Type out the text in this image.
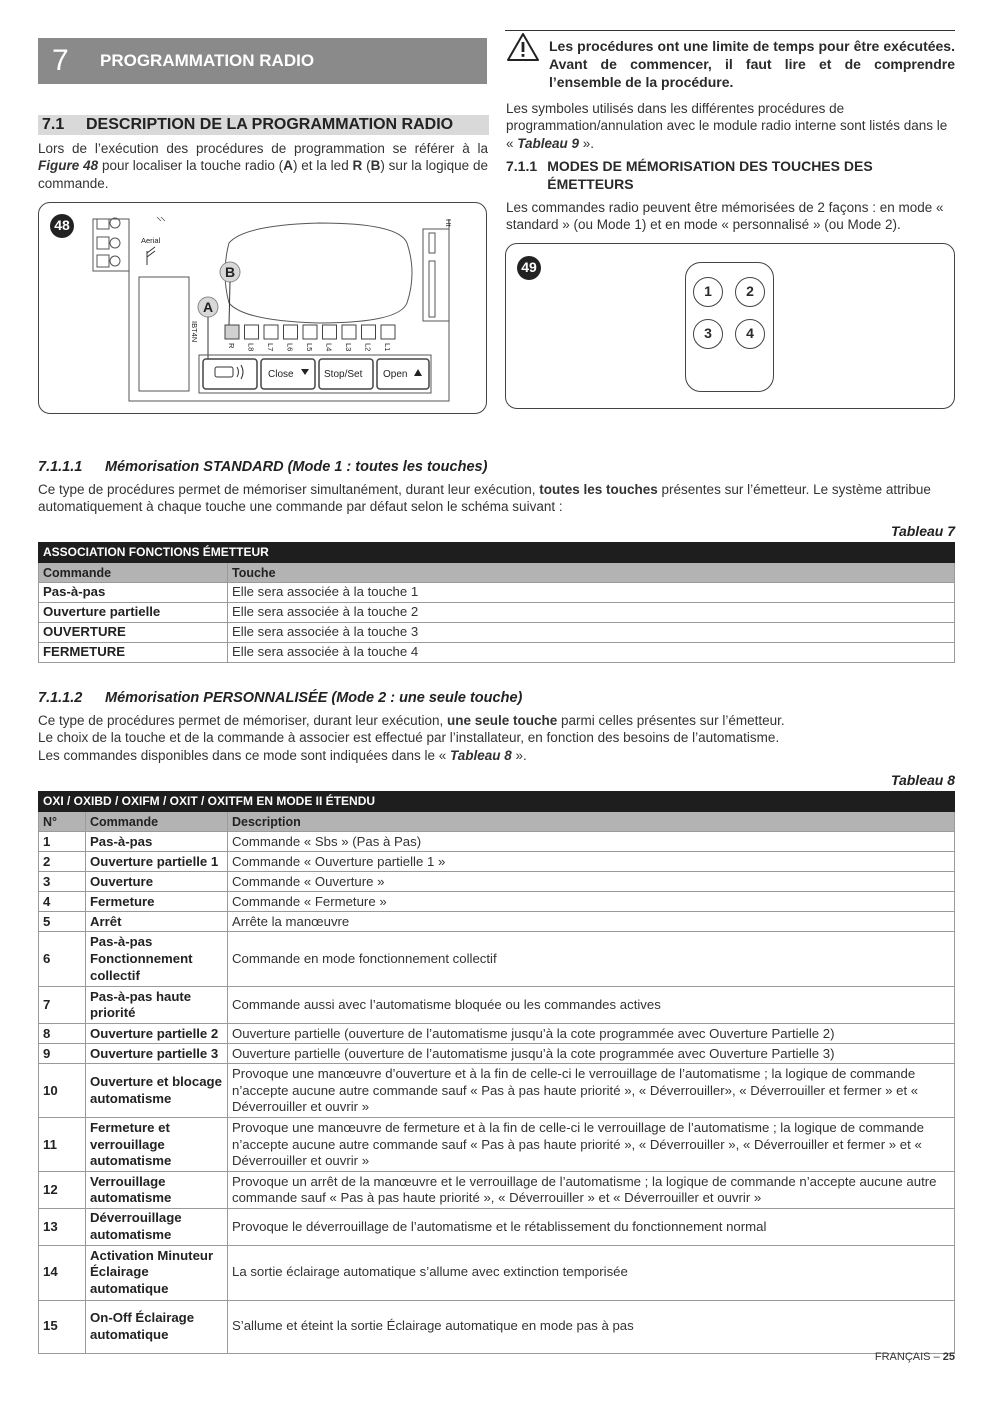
7	PROGRAMMATION RADIO
7.1	DESCRIPTION DE LA PROGRAMMATION RADIO
Lors de l’exécution des procédures de programmation se référer à la Figure 48 pour localiser la touche radio (A) et la led R (B) sur la logique de commande.
48
Aerial
IBT4N
Ht
R L8 L7 L6 L5 L4 L3 L2 L1
B
A
Close	Stop/Set Open
Les procédures ont une limite de temps pour être exécutées. Avant de commencer, il faut lire et de comprendre l’ensemble de la procédure.
Les symboles utilisés dans les différentes procédures de programmation/annulation avec le module radio interne sont listés dans le « Tableau 9 ».
7.1.1 MODES DE MÉMORISATION DES TOUCHES DES ÉMETTEURS
Les commandes radio peuvent être mémorisées de 2 façons : en mode « standard » (ou Mode 1) et en mode « personnalisé » (ou Mode 2).
49
1	2
3	4
7.1.1.1	Mémorisation STANDARD (Mode 1 : toutes les touches)
Ce type de procédures permet de mémoriser simultanément, durant leur exécution, toutes les touches présentes sur l’émetteur. Le système attribue automatiquement à chaque touche une commande par défaut selon le schéma suivant :
Tableau 7
ASSOCIATION FONCTIONS ÉMETTEUR	
Commande	Touche
Pas-à-pas	Elle sera associée à la touche 1
Ouverture partielle	Elle sera associée à la touche 2
OUVERTURE	Elle sera associée à la touche 3
FERMETURE	Elle sera associée à la touche 4
7.1.1.2	Mémorisation PERSONNALISÉE (Mode 2 : une seule touche)
Ce type de procédures permet de mémoriser, durant leur exécution, une seule touche parmi celles présentes sur l’émetteur.
Le choix de la touche et de la commande à associer est effectué par l’installateur, en fonction des besoins de l’automatisme.
Les commandes disponibles dans ce mode sont indiquées dans le « Tableau 8 ».
Tableau 8
OXI / OXIBD / OXIFM / OXIT / OXITFM EN MODE II ÉTENDU		
N°	Commande	Description
1	Pas-à-pas	Commande « Sbs » (Pas à Pas)
2	Ouverture partielle 1	Commande « Ouverture partielle 1 »
3	Ouverture	Commande « Ouverture »
4	Fermeture	Commande « Fermeture »
5	Arrêt	Arrête la manœuvre
6	Pas-à-pas Fonctionnement collectif	Commande en mode fonctionnement collectif
7	Pas-à-pas haute priorité	Commande aussi avec l’automatisme bloquée ou les commandes actives
8	Ouverture partielle 2	Ouverture partielle (ouverture de l’automatisme jusqu’à la cote programmée avec Ouverture Partielle 2)
9	Ouverture partielle 3	Ouverture partielle (ouverture de l’automatisme jusqu’à la cote programmée avec Ouverture Partielle 3)
10	Ouverture et blocage automatisme	Provoque une manœuvre d’ouverture et à la fin de celle-ci le verrouillage de l’automatisme ; la logique de commande n’accepte aucune autre commande sauf « Pas à pas haute priorité », « Déverrouiller», « Déverrouiller et fermer » et « Déverrouiller et ouvrir »
11	Fermeture et verrouillage automatisme	Provoque une manœuvre de fermeture et à la fin de celle-ci le verrouillage de l’automatisme ; la logique de commande n’accepte aucune autre commande sauf « Pas à pas haute priorité », « Déverrouiller », « Déverrouiller et fermer » et « Déverrouiller et ouvrir »
12	Verrouillage automatisme	Provoque un arrêt de la manœuvre et le verrouillage de l’automatisme ; la logique de commande n’accepte aucune autre commande sauf « Pas à pas haute priorité », « Déverrouiller » et « Déverrouiller et ouvrir »
13	Déverrouillage automatisme	Provoque le déverrouillage de l’automatisme et le rétablissement du fonctionnement normal
14	Activation Minuteur Éclairage automatique	La sortie éclairage automatique s’allume avec extinction temporisée
15	On-Off Éclairage automatique	S’allume et éteint la sortie Éclairage automatique en mode pas à pas
FRANÇAIS – 25
